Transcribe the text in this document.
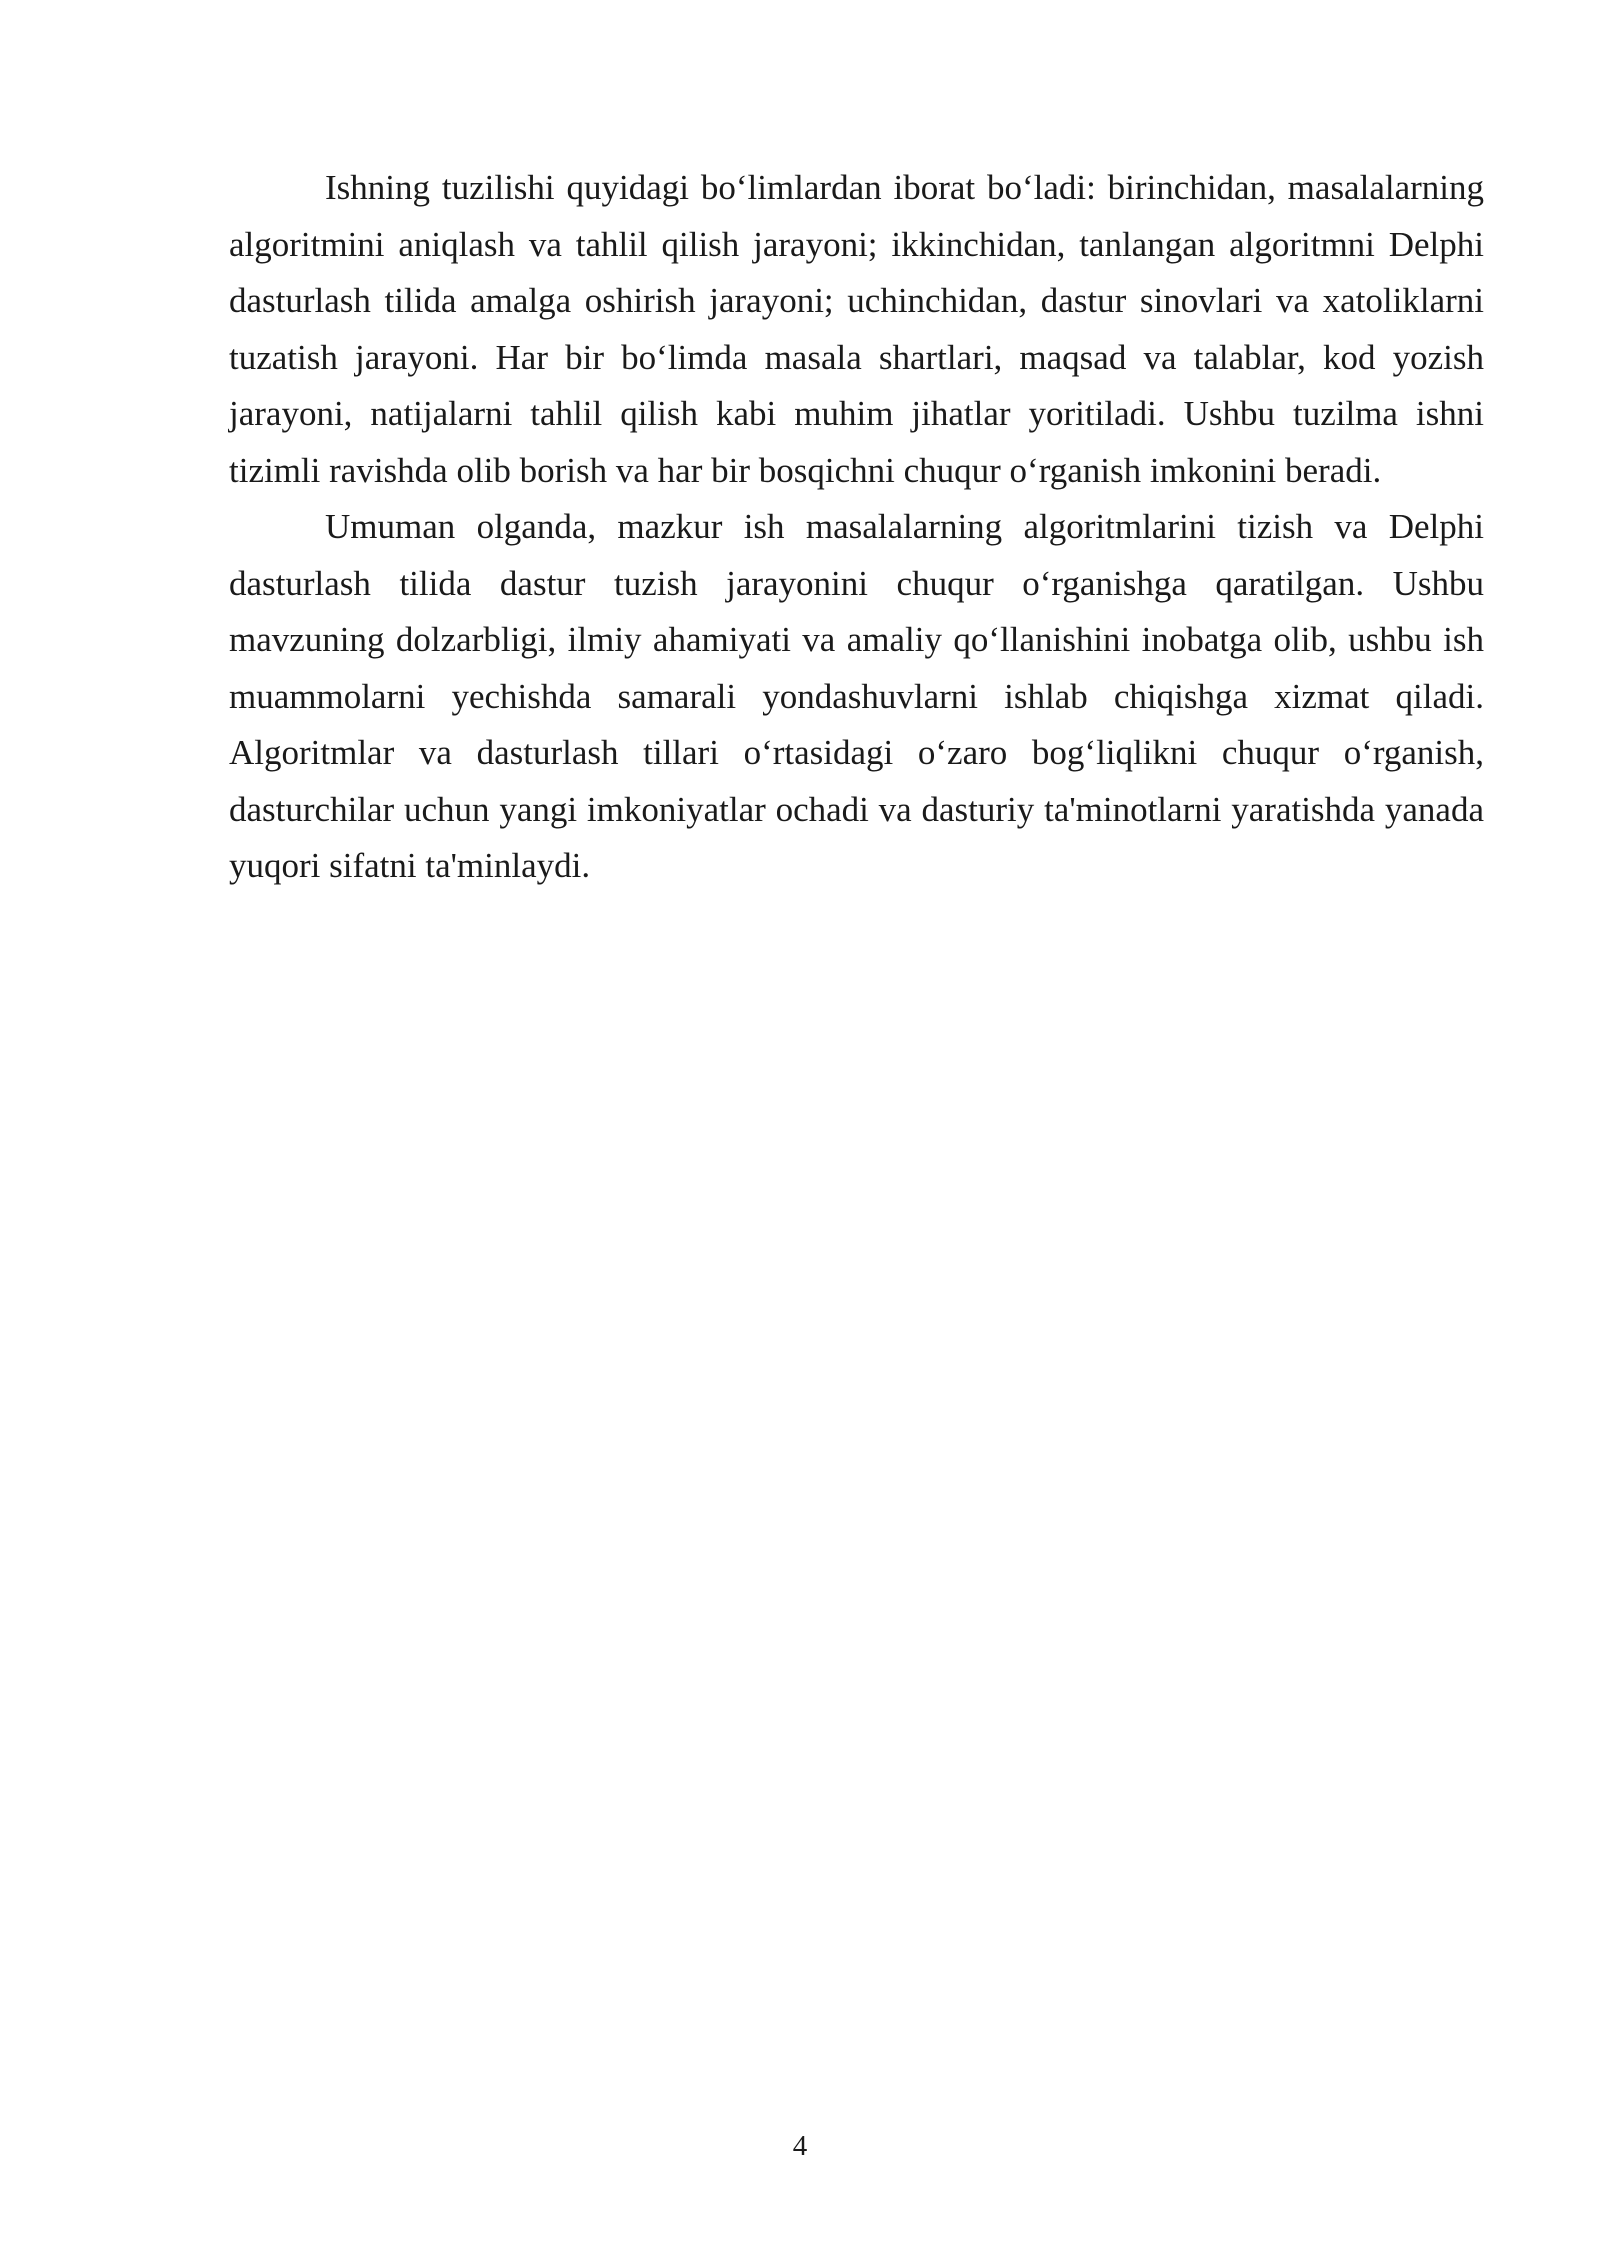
Ishning tuzilishi quyidagi bo‘limlardan iborat bo‘ladi: birinchidan, masalalarning algoritmini aniqlash va tahlil qilish jarayoni; ikkinchidan, tanlangan algoritmni Delphi dasturlash tilida amalga oshirish jarayoni; uchinchidan, dastur sinovlari va xatoliklarni tuzatish jarayoni. Har bir bo‘limda masala shartlari, maqsad va talablar, kod yozish jarayoni, natijalarni tahlil qilish kabi muhim jihatlar yoritiladi. Ushbu tuzilma ishni tizimli ravishda olib borish va har bir bosqichni chuqur o‘rganish imkonini beradi.

Umuman olganda, mazkur ish masalalarning algoritmlarini tizish va Delphi dasturlash tilida dastur tuzish jarayonini chuqur o‘rganishga qaratilgan. Ushbu mavzuning dolzarbligi, ilmiy ahamiyati va amaliy qo‘llanishini inobatga olib, ushbu ish muammolarni yechishda samarali yondashuvlarni ishlab chiqishga xizmat qiladi. Algoritmlar va dasturlash tillari o‘rtasidagi o‘zaro bog‘liqlikni chuqur o‘rganish, dasturchilar uchun yangi imkoniyatlar ochadi va dasturiy ta'minotlarni yaratishda yanada yuqori sifatni ta'minlaydi.

4
